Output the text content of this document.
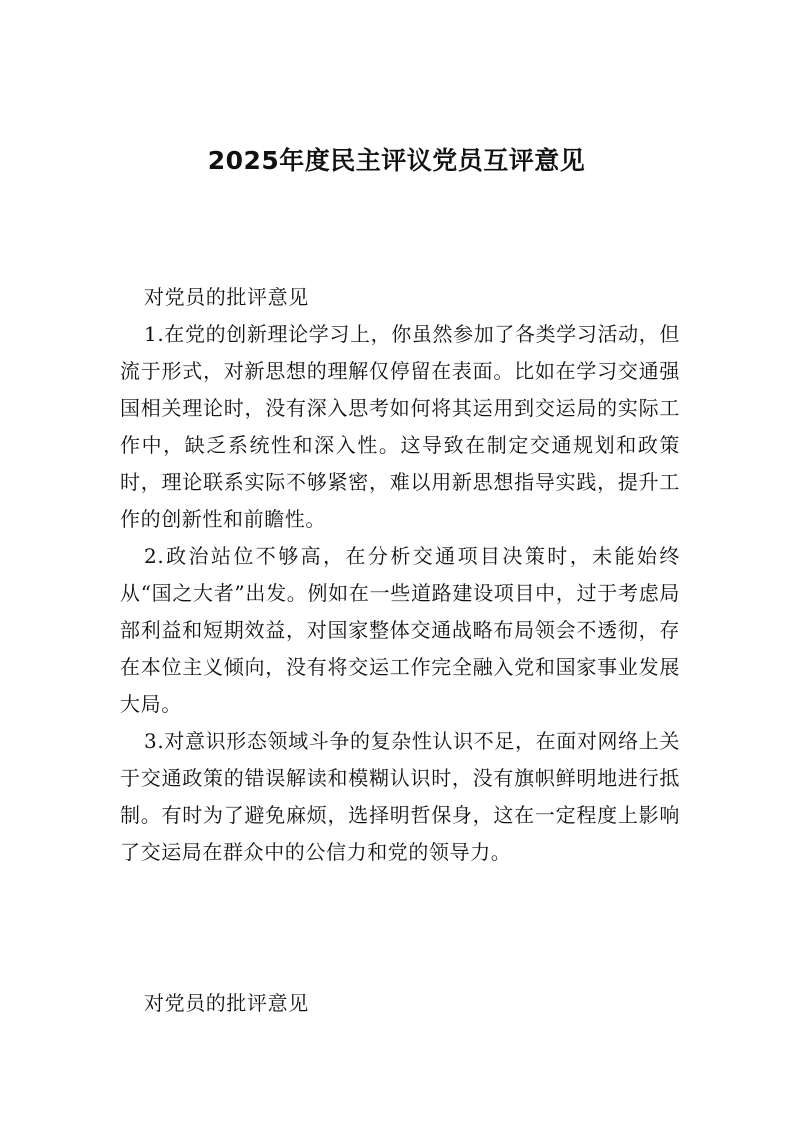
2025年度民主评议党员互评意见

对党员的批评意见

1.在党的创新理论学习上，你虽然参加了各类学习活动，但流于形式，对新思想的理解仅停留在表面。比如在学习交通强国相关理论时，没有深入思考如何将其运用到交运局的实际工作中，缺乏系统性和深入性。这导致在制定交通规划和政策时，理论联系实际不够紧密，难以用新思想指导实践，提升工作的创新性和前瞻性。

2.政治站位不够高，在分析交通项目决策时，未能始终从“国之大者”出发。例如在一些道路建设项目中，过于考虑局部利益和短期效益，对国家整体交通战略布局领会不透彻，存在本位主义倾向，没有将交运工作完全融入党和国家事业发展大局。

3.对意识形态领域斗争的复杂性认识不足，在面对网络上关于交通政策的错误解读和模糊认识时，没有旗帜鲜明地进行抵制。有时为了避免麻烦，选择明哲保身，这在一定程度上影响了交运局在群众中的公信力和党的领导力。

对党员的批评意见
